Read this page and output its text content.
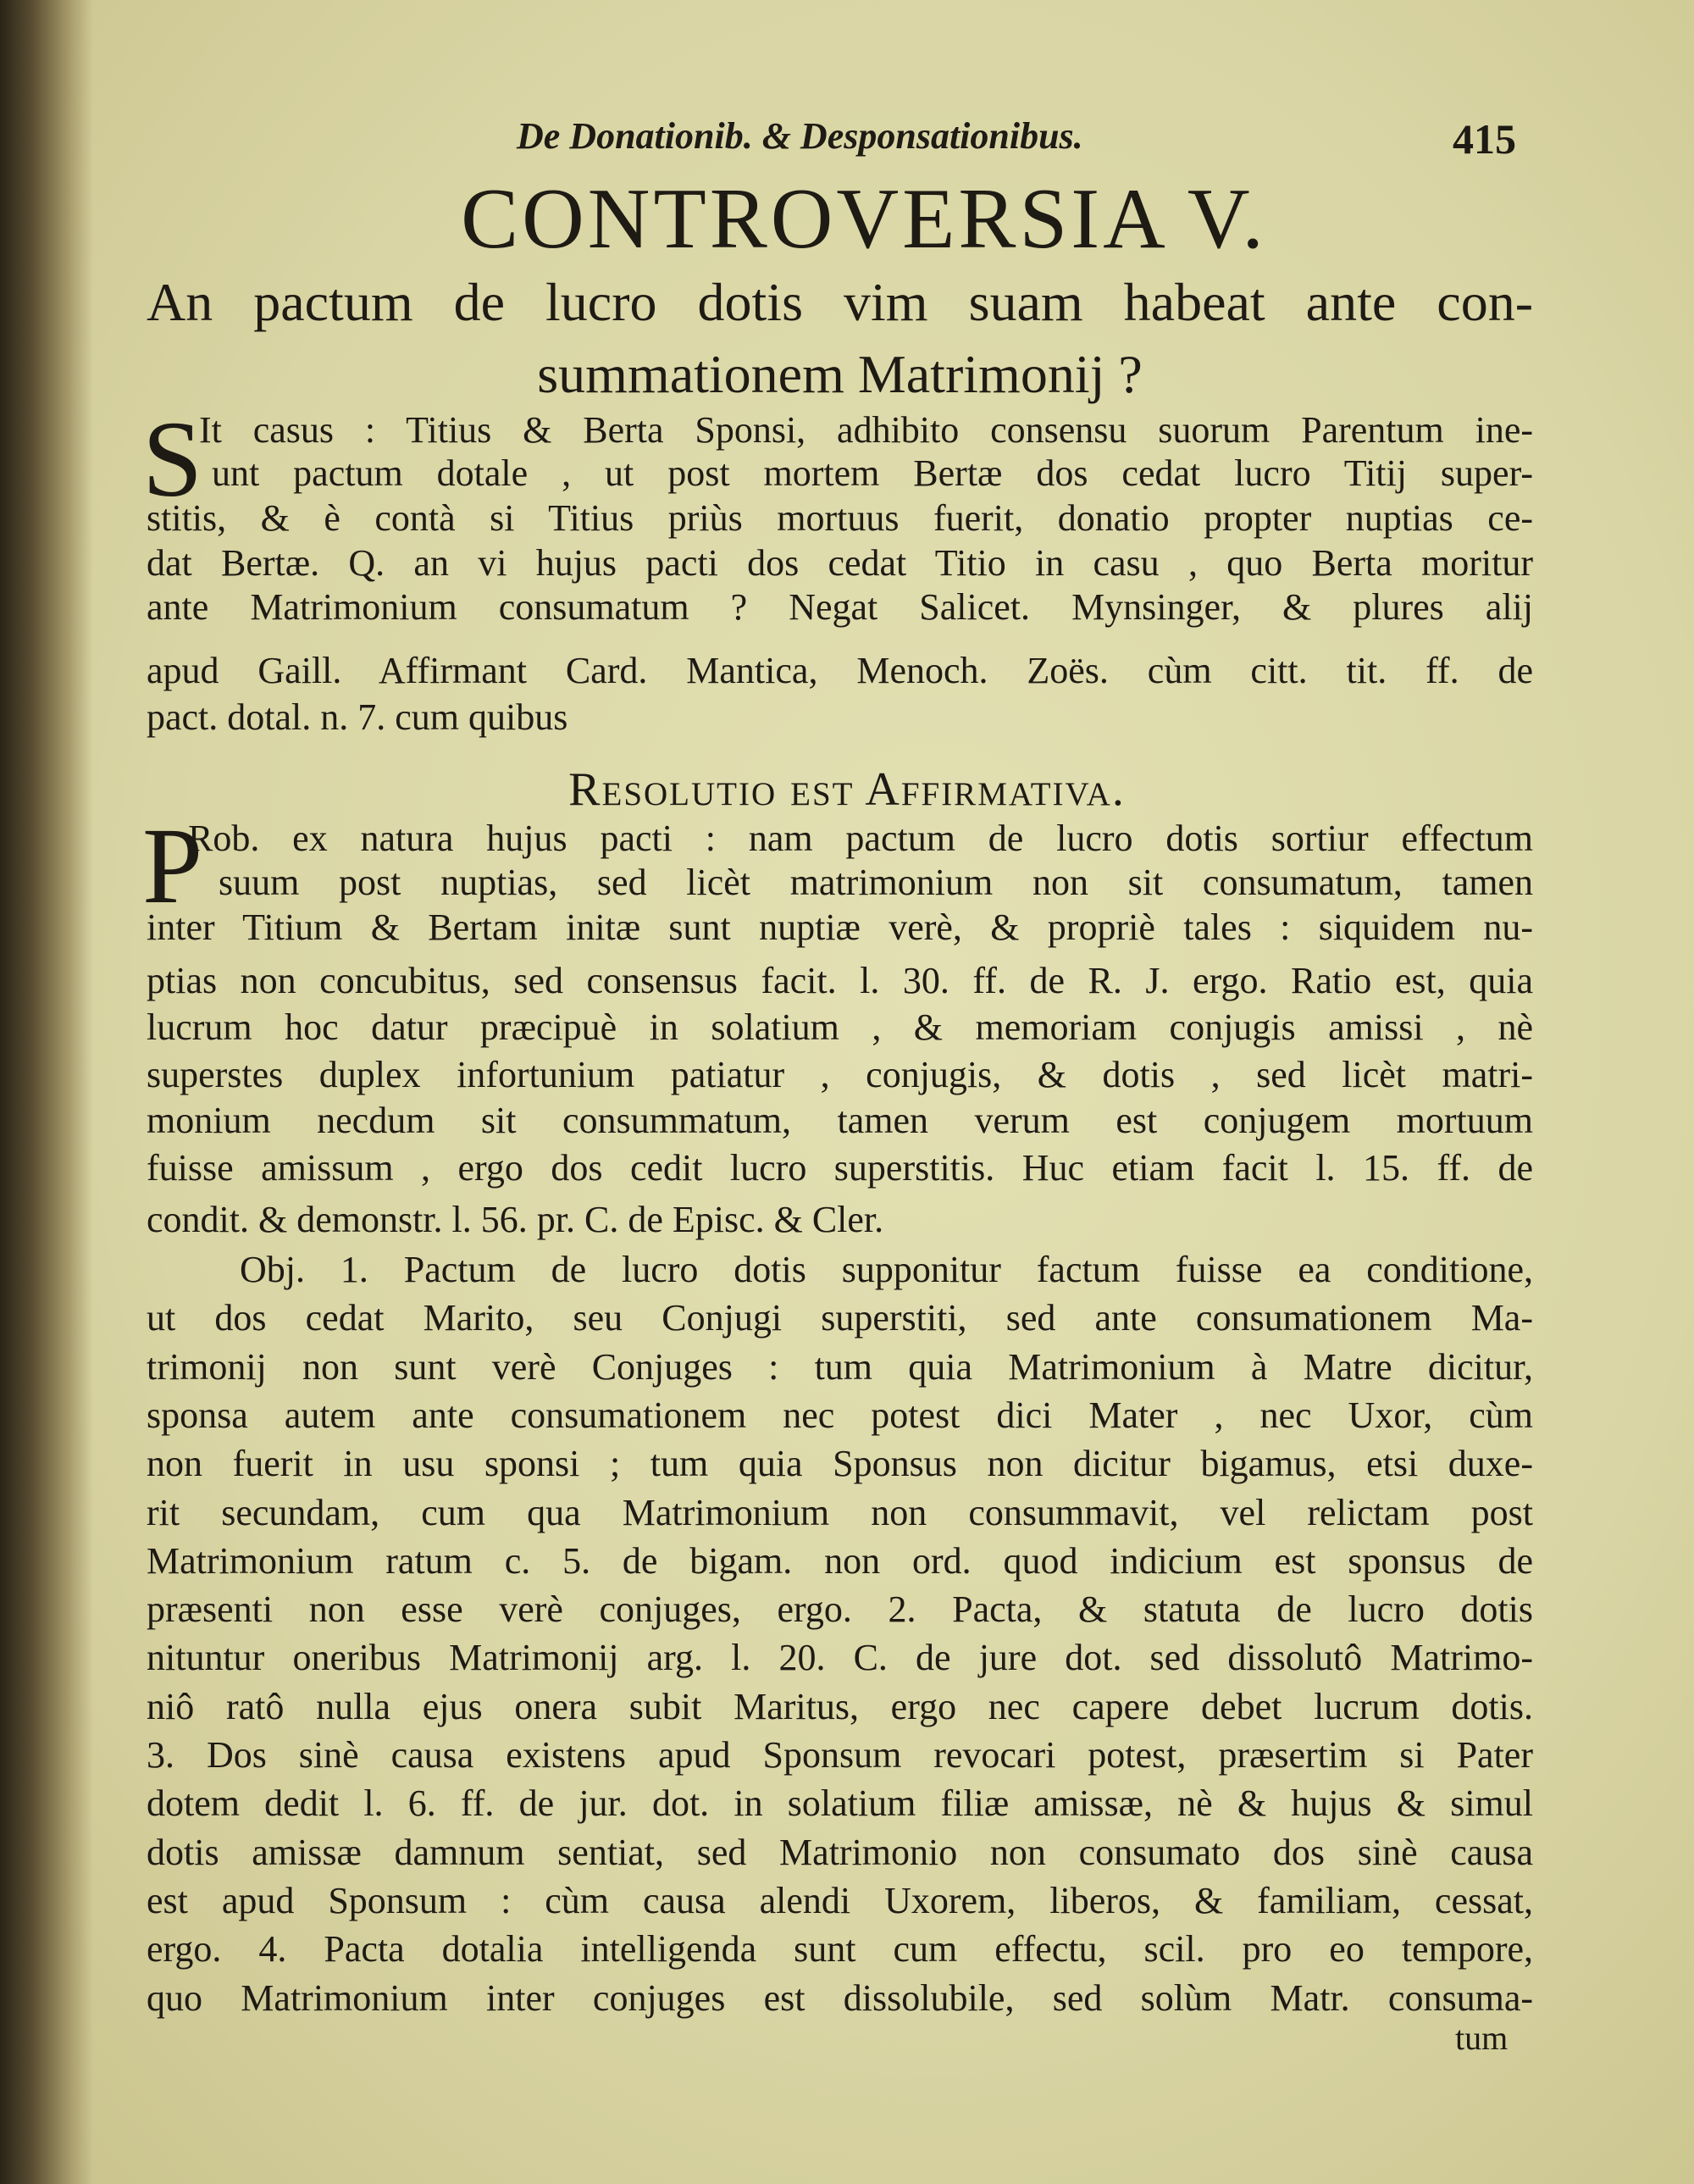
De Donationib. & Desponsationibus.	415
CONTROVERSIA V.
An pactum de lucro dotis vim suam habeat ante con-
summationem Matrimonij ?
Resolutio est Affirmativa.
S
P
tum
It casus : Titius & Berta Sponsi, adhibito consensu suorum Parentum ine-
unt pactum dotale , ut post mortem Bertæ dos cedat lucro Titij super-
stitis, & è contà si Titius priùs mortuus fuerit, donatio propter nuptias ce-
dat Bertæ. Q. an vi hujus pacti dos cedat Titio in casu , quo Berta moritur
ante Matrimonium consumatum ? Negat Salicet. Mynsinger, & plures alij
apud Gaill. Affirmant Card. Mantica, Menoch. Zoës. cùm citt. tit. ff. de
pact. dotal. n. 7. cum quibus
Rob. ex natura hujus pacti : nam pactum de lucro dotis sortiur effectum
suum post nuptias, sed licèt matrimonium non sit consumatum, tamen
inter Titium & Bertam initæ sunt nuptiæ verè, & propriè tales : siquidem nu-
ptias non concubitus, sed consensus facit. l. 30. ff. de R. J. ergo. Ratio est, quia
lucrum hoc datur præcipuè in solatium , & memoriam conjugis amissi , nè
superstes duplex infortunium patiatur , conjugis, & dotis , sed licèt matri-
monium necdum sit consummatum, tamen verum est conjugem mortuum
fuisse amissum , ergo dos cedit lucro superstitis. Huc etiam facit l. 15. ff. de
condit. & demonstr. l. 56. pr. C. de Episc. & Cler.
Obj. 1. Pactum de lucro dotis supponitur factum fuisse ea conditione,
ut dos cedat Marito, seu Conjugi superstiti, sed ante consumationem Ma-
trimonij non sunt verè Conjuges : tum quia Matrimonium à Matre dicitur,
sponsa autem ante consumationem nec potest dici Mater , nec Uxor, cùm
non fuerit in usu sponsi ; tum quia Sponsus non dicitur bigamus, etsi duxe-
rit secundam, cum qua Matrimonium non consummavit, vel relictam post
Matrimonium ratum c. 5. de bigam. non ord. quod indicium est sponsus de
præsenti non esse verè conjuges, ergo. 2. Pacta, & statuta de lucro dotis
nituntur oneribus Matrimonij arg. l. 20. C. de jure dot. sed dissolutô Matrimo-
niô ratô nulla ejus onera subit Maritus, ergo nec capere debet lucrum dotis.
3. Dos sinè causa existens apud Sponsum revocari potest, præsertim si Pater
dotem dedit l. 6. ff. de jur. dot. in solatium filiæ amissæ, nè & hujus & simul
dotis amissæ damnum sentiat, sed Matrimonio non consumato dos sinè causa
est apud Sponsum : cùm causa alendi Uxorem, liberos, & familiam, cessat,
ergo. 4. Pacta dotalia intelligenda sunt cum effectu, scil. pro eo tempore,
quo Matrimonium inter conjuges est dissolubile, sed solùm Matr. consuma-
